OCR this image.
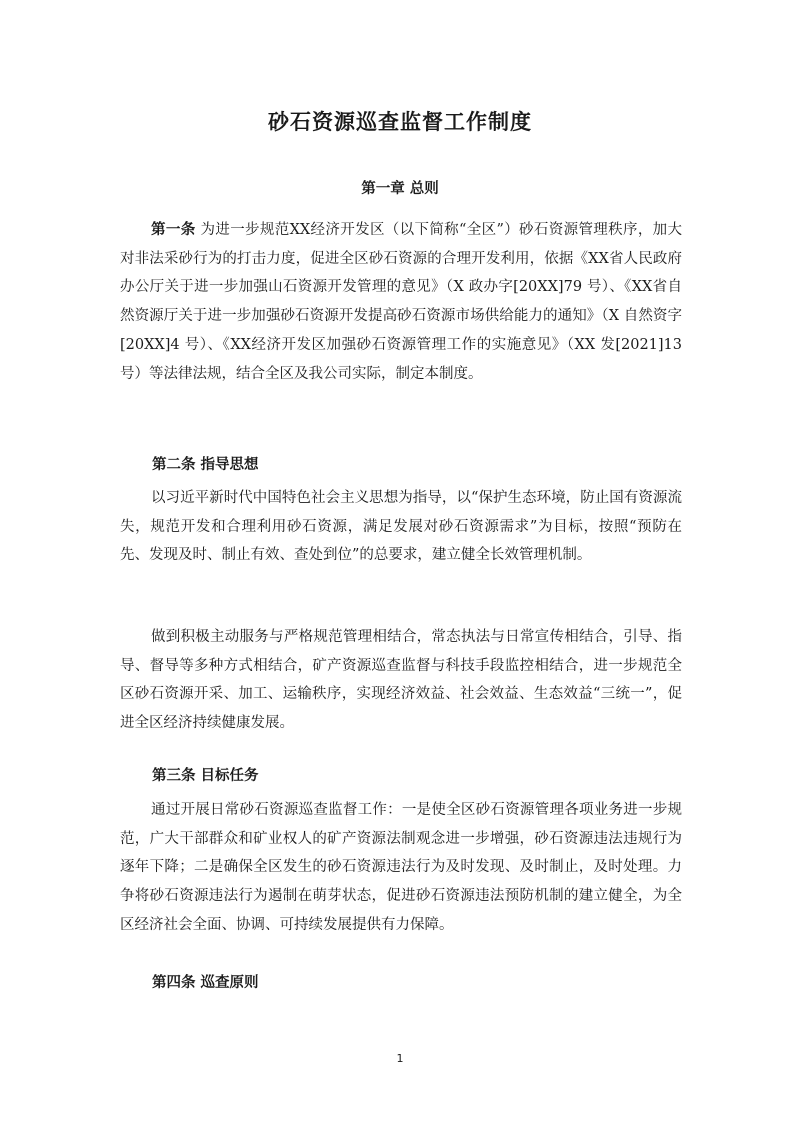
砂石资源巡查监督工作制度
第一章 总则

第一条 为进一步规范XX经济开发区（以下简称“全区”）砂石资源管理秩序，加大对非法采砂行为的打击力度，促进全区砂石资源的合理开发利用，依据《XX省人民政府办公厅关于进一步加强山石资源开发管理的意见》（X 政办字[20XX]79 号）、《XX省自然资源厅关于进一步加强砂石资源开发提高砂石资源市场供给能力的通知》（X 自然资字[20XX]4 号）、《XX经济开发区加强砂石资源管理工作的实施意见》（XX 发[2021]13 号）等法律法规，结合全区及我公司实际，制定本制度。

第二条 指导思想

以习近平新时代中国特色社会主义思想为指导，以“保护生态环境，防止国有资源流失，规范开发和合理利用砂石资源，满足发展对砂石资源需求”为目标，按照“预防在先、发现及时、制止有效、查处到位”的总要求，建立健全长效管理机制。

做到积极主动服务与严格规范管理相结合，常态执法与日常宣传相结合，引导、指导、督导等多种方式相结合，矿产资源巡查监督与科技手段监控相结合，进一步规范全区砂石资源开采、加工、运输秩序，实现经济效益、社会效益、生态效益“三统一”，促进全区经济持续健康发展。

第三条 目标任务

通过开展日常砂石资源巡查监督工作：一是使全区砂石资源管理各项业务进一步规范，广大干部群众和矿业权人的矿产资源法制观念进一步增强，砂石资源违法违规行为逐年下降；二是确保全区发生的砂石资源违法行为及时发现、及时制止，及时处理。力争将砂石资源违法行为遏制在萌芽状态，促进砂石资源违法预防机制的建立健全，为全区经济社会全面、协调、可持续发展提供有力保障。

第四条 巡查原则

1
